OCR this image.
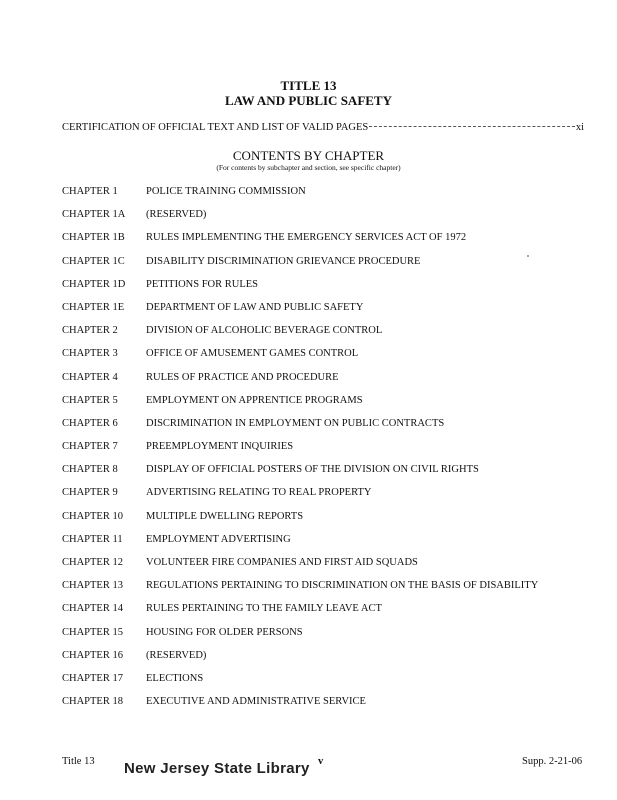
TITLE 13
LAW AND PUBLIC SAFETY
CERTIFICATION OF OFFICIAL TEXT AND LIST OF VALID PAGES	xi
CONTENTS BY CHAPTER
(For contents by subchapter and section, see specific chapter)
CHAPTER 1	POLICE TRAINING COMMISSION
CHAPTER 1A	(RESERVED)
CHAPTER 1B	RULES IMPLEMENTING THE EMERGENCY SERVICES ACT OF 1972
CHAPTER 1C	DISABILITY DISCRIMINATION GRIEVANCE PROCEDURE
CHAPTER 1D	PETITIONS FOR RULES
CHAPTER 1E	DEPARTMENT OF LAW AND PUBLIC SAFETY
CHAPTER 2	DIVISION OF ALCOHOLIC BEVERAGE CONTROL
CHAPTER 3	OFFICE OF AMUSEMENT GAMES CONTROL
CHAPTER 4	RULES OF PRACTICE AND PROCEDURE
CHAPTER 5	EMPLOYMENT ON APPRENTICE PROGRAMS
CHAPTER 6	DISCRIMINATION IN EMPLOYMENT ON PUBLIC CONTRACTS
CHAPTER 7	PREEMPLOYMENT INQUIRIES
CHAPTER 8	DISPLAY OF OFFICIAL POSTERS OF THE DIVISION ON CIVIL RIGHTS
CHAPTER 9	ADVERTISING RELATING TO REAL PROPERTY
CHAPTER 10	MULTIPLE DWELLING REPORTS
CHAPTER 11	EMPLOYMENT ADVERTISING
CHAPTER 12	VOLUNTEER FIRE COMPANIES AND FIRST AID SQUADS
CHAPTER 13	REGULATIONS PERTAINING TO DISCRIMINATION ON THE BASIS OF DISABILITY
CHAPTER 14	RULES PERTAINING TO THE FAMILY LEAVE ACT
CHAPTER 15	HOUSING FOR OLDER PERSONS
CHAPTER 16	(RESERVED)
CHAPTER 17	ELECTIONS
CHAPTER 18	EXECUTIVE AND ADMINISTRATIVE SERVICE
Title 13 New Jersey State Library v	Supp. 2-21-06
